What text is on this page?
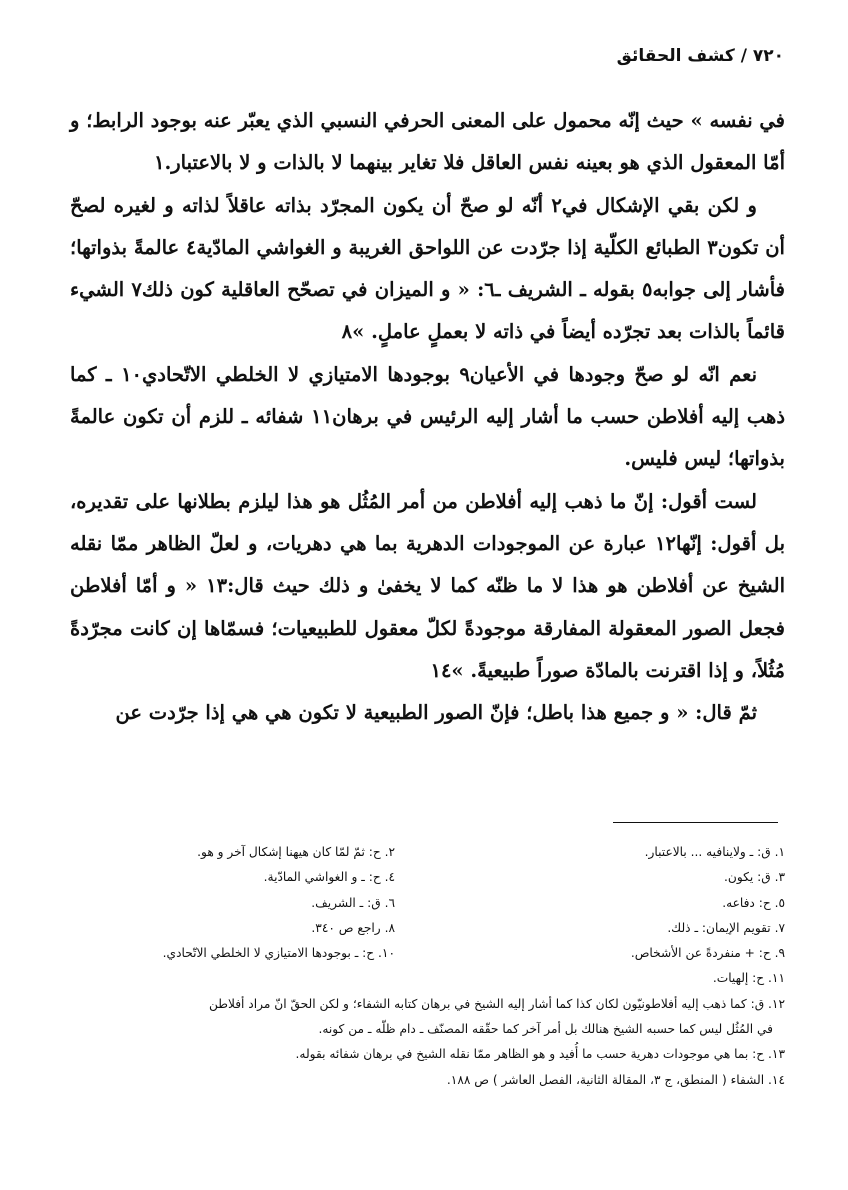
٧٢٠ / كشف الحقائق

في نفسه » حيث إنّه محمول على المعنى الحرفي النسبي الذي يعبّر عنه بوجود الرابط؛ و أمّا المعقول الذي هو بعينه نفس العاقل فلا تغاير بينهما لا بالذات و لا بالاعتبار.١

و لكن بقي الإشكال في٢ أنّه لو صحّ أن يكون المجرّد بذاته عاقلاً لذاته و لغيره لصحّ أن تكون٣ الطبائع الكلّية إذا جرّدت عن اللواحق الغريبة و الغواشي المادّية٤ عالمةً بذواتها؛ فأشار إلى جوابه٥ بقوله ـ الشريف ـ٦: « و الميزان في تصحّح العاقلية كون ذلك٧ الشيء قائماً بالذات بعد تجرّده أيضاً في ذاته لا بعملٍ عاملٍ. »٨

نعم انّه لو صحّ وجودها في الأعيان٩ بوجودها الامتيازي لا الخلطي الاتّحادي١٠ ـ كما ذهب إليه أفلاطن حسب ما أشار إليه الرئيس في برهان١١ شفائه ـ للزم أن تكون عالمةً بذواتها؛ ليس فليس.

لست أقول: إنّ ما ذهب إليه أفلاطن من أمر المُثُل هو هذا ليلزم بطلانها على تقديره، بل أقول: إنّها١٢ عبارة عن الموجودات الدهرية بما هي دهريات، و لعلّ الظاهر ممّا نقله الشيخ عن أفلاطن هو هذا لا ما ظنّه كما لا يخفىٰ و ذلك حيث قال:١٣ « و أمّا أفلاطن فجعل الصور المعقولة المفارقة موجودةً لكلّ معقول للطبيعيات؛ فسمّاها إن كانت مجرّدةً مُثُلاً، و إذا اقترنت بالمادّة صوراً طبيعيةً. »١٤

ثمّ قال: « و جميع هذا باطل؛ فإنّ الصور الطبيعية لا تكون هي هي إذا جرّدت عن

١. ق: ـ ولاينافيه ... بالاعتبار.
٢. ح: ثمّ لمّا كان هيهنا إشكال آخر و هو.
٣. ق: يكون.
٤. ح: ـ و الغواشي المادّية.
٥. ح: دفاعه.
٦. ق: ـ الشريف.
٧. تقويم الإيمان: ـ ذلك.
٨. راجع ص ٣٤٠.
٩. ح: + منفردةً عن الأشخاص.
١٠. ح: ـ بوجودها الامتيازي لا الخلطي الاتّحادي.
١١. ح: إلهيات.
١٢. ق: كما ذهب إليه أفلاطونيّون لكان كذا كما أشار إليه الشيخ في برهان كتابه الشفاء؛ و لكن الحقّ انّ مراد أفلاطن
في المُثُل ليس كما حسبه الشيخ هنالك بل أمر آخر كما حقّقه المصنّف ـ دام ظلّه ـ من كونه.
١٣. ح: بما هي موجودات دهرية حسب ما أُفيد و هو الظاهر ممّا نقله الشيخ في برهان شفائه بقوله.
١٤. الشفاء ( المنطق، ج ٣، المقالة الثانية، الفصل العاشر ) ص ١٨٨.
